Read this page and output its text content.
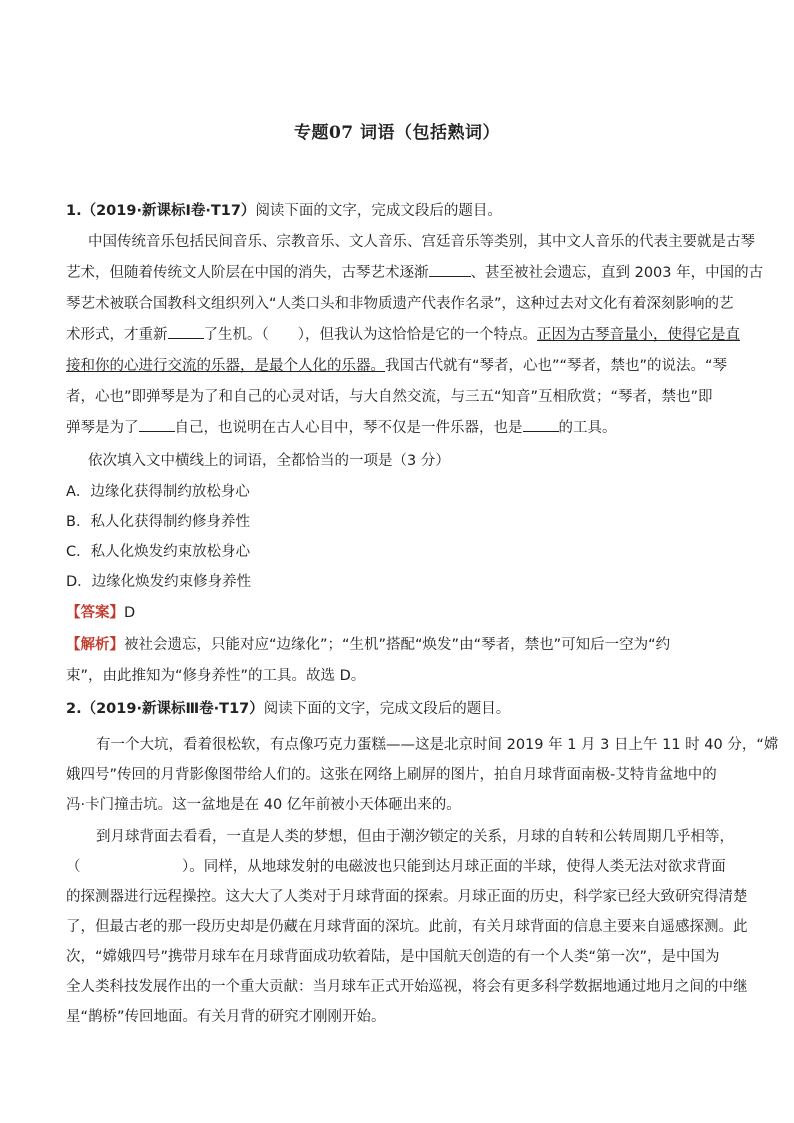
专题07 词语（包括熟词）
1.（2019·新课标Ⅰ卷·T17）阅读下面的文字，完成文段后的题目。
中国传统音乐包括民间音乐、宗教音乐、文人音乐、宫廷音乐等类别，其中文人音乐的代表主要就是古琴
艺术，但随着传统文人阶层在中国的消失，古琴艺术逐渐	、甚至被社会遗忘，直到 2003 年，中国的古
琴艺术被联合国教科文组织列入“人类口头和非物质遗产代表作名录”，这种过去对文化有着深刻影响的艺
术形式，才重新 了生机。（　　），但我认为这恰恰是它的一个特点。正因为古琴音量小，使得它是直
接和你的心进行交流的乐器，是最个人化的乐器。我国古代就有“琴者，心也”“琴者，禁也”的说法。“琴
者，心也”即弹琴是为了和自己的心灵对话，与大自然交流，与三五“知音”互相欣赏；“琴者，禁也”即
弹琴是为了 自己，也说明在古人心目中，琴不仅是一件乐器，也是 的工具。
依次填入文中横线上的词语，全都恰当的一项是（3 分）
A．边缘化获得制约放松身心
B．私人化获得制约修身养性
C．私人化焕发约束放松身心
D．边缘化焕发约束修身养性
【答案】D
【解析】被社会遗忘，只能对应“边缘化”；“生机”搭配“焕发”由“琴者，禁也”可知后一空为“约
束”，由此推知为“修身养性”的工具。故选 D。
2.（2019·新课标Ⅲ卷·T17）阅读下面的文字，完成文段后的题目。
有一个大坑，看着很松软，有点像巧克力蛋糕——这是北京时间 2019 年 1 月 3 日上午 11 时 40 分，“嫦
娥四号”传回的月背影像图带给人们的。这张在网络上刷屏的图片，拍自月球背面南极-艾特肯盆地中的
冯·卡门撞击坑。这一盆地是在 40 亿年前被小天体砸出来的。
到月球背面去看看，一直是人类的梦想，但由于潮汐锁定的关系，月球的自转和公转周期几乎相等，
（　　　　　　　）。同样，从地球发射的电磁波也只能到达月球正面的半球，使得人类无法对欲求背面
的探测器进行远程操控。这大大了人类对于月球背面的探索。月球正面的历史，科学家已经大致研究得清楚
了，但最古老的那一段历史却是仍藏在月球背面的深坑。此前，有关月球背面的信息主要来自遥感探测。此
次，“嫦娥四号”携带月球车在月球背面成功软着陆，是中国航天创造的有一个人类“第一次”，是中国为
全人类科技发展作出的一个重大贡献：当月球车正式开始巡视，将会有更多科学数据地通过地月之间的中继
星“鹊桥”传回地面。有关月背的研究才刚刚开始。
